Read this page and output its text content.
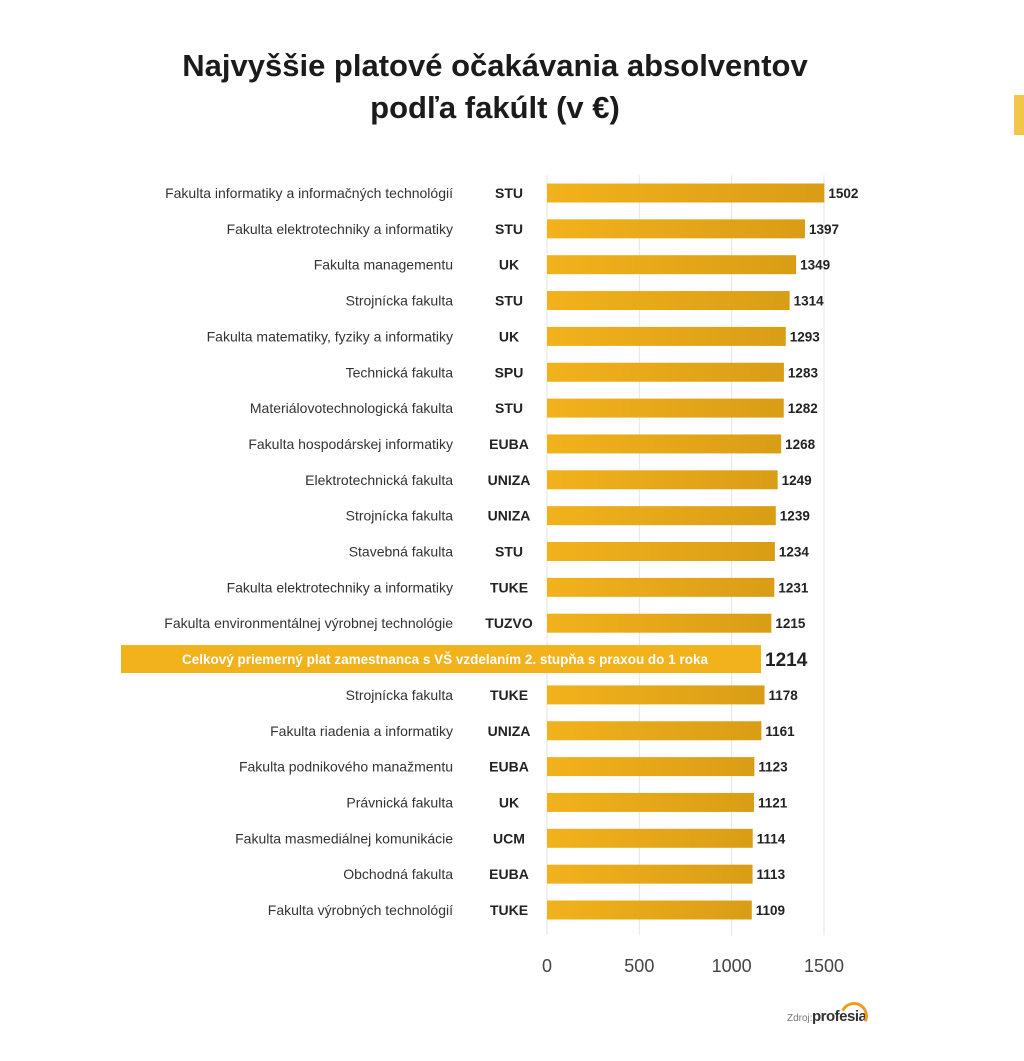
Najvyššie platové očakávania absolventov
podľa fakúlt (v €)
0	500	1000	1500
Fakulta informatiky a informačných technológií	STU	1502
Fakulta elektrotechniky a informatiky	STU	1397
Fakulta managementu	UK	1349
Strojnícka fakulta	STU	1314
Fakulta matematiky, fyziky a informatiky	UK	1293
Technická fakulta	SPU	1283
Materiálovotechnologická fakulta	STU	1282
Fakulta hospodárskej informatiky	EUBA	1268
Elektrotechnická fakulta UNIZA	1249
Strojnícka fakulta UNIZA	1239
Stavebná fakulta	STU	1234
Fakulta elektrotechniky a informatiky	TUKE	1231
Fakulta environmentálnej výrobnej technológie TUZVO	1215
Celkový priemerný plat zamestnanca s VŠ vzdelaním 2. stupňa s praxou do 1 roka	1214
Strojnícka fakulta	TUKE	1178
Fakulta riadenia a informatiky UNIZA	1161
Fakulta podnikového manažmentu	EUBA	1123
Právnická fakulta	UK	1121
Fakulta masmediálnej komunikácie	UCM	1114
Obchodná fakulta	EUBA	1113
Fakulta výrobných technológií	TUKE	1109
Zdroj: profesia
